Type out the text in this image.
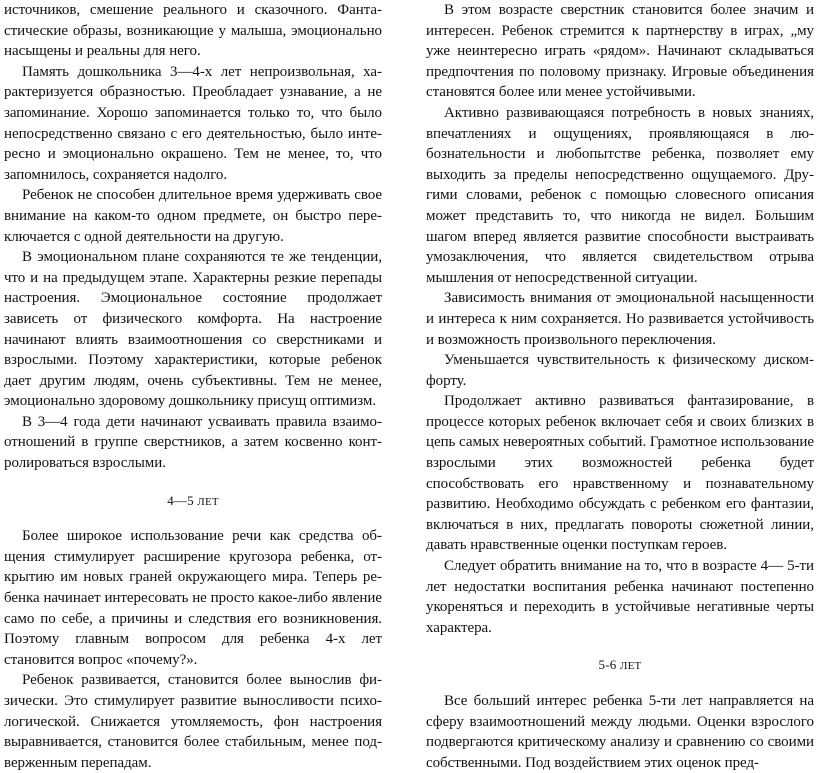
источников, смешение реального и сказочного. Фантастические образы, возникающие у малыша, эмоционально насыщены и реальны для него.

Память дошкольника 3—4-х лет непроизвольная, характеризуется образностью. Преобладает узнавание, а не запоминание. Хорошо запоминается только то, что было непосредственно связано с его деятельностью, было интересно и эмоционально окрашено. Тем не менее, то, что запомнилось, сохраняется надолго.

Ребенок не способен длительное время удерживать свое внимание на каком-то одном предмете, он быстро переключается с одной деятельности на другую.

В эмоциональном плане сохраняются те же тенденции, что и на предыдущем этапе. Характерны резкие перепады настроения. Эмоциональное состояние продолжает зависеть от физического комфорта. На настроение начинают влиять взаимоотношения со сверстниками и взрослыми. Поэтому характеристики, которые ребенок дает другим людям, очень субъективны. Тем не менее, эмоционально здоровому дошкольнику присущ оптимизм.

В 3—4 года дети начинают усваивать правила взаимоотношений в группе сверстников, а затем косвенно контролироваться взрослыми.

4—5 ЛЕТ

Более широкое использование речи как средства общения стимулирует расширение кругозора ребенка, открытию им новых граней окружающего мира. Теперь ребенка начинает интересовать не просто какое-либо явление само по себе, а причины и следствия его возникновения. Поэтому главным вопросом для ребенка 4-х лет становится вопрос «почему?».

Ребенок развивается, становится более вынослив физически. Это стимулирует развитие выносливости психологической. Снижается утомляемость, фон настроения выравнивается, становится более стабильным, менее подверженным перепадам.

В этом возрасте сверстник становится более значим и интересен. Ребенок стремится к партнерству в играх, „му уже неинтересно играть «рядом». Начинают складываться предпочтения по половому признаку. Игровые объединения становятся более или менее устойчивыми.

Активно развивающаяся потребность в новых знаниях, впечатлениях и ощущениях, проявляющаяся в любознательности и любопытстве ребенка, позволяет ему выходить за пределы непосредственно ощущаемого. Другими словами, ребенок с помощью словесного описания может представить то, что никогда не видел. Большим шагом вперед является развитие способности выстраивать умозаключения, что является свидетельством отрыва мышления от непосредственной ситуации.

Зависимость внимания от эмоциональной насыщенности и интереса к ним сохраняется. Но развивается устойчивость и возможность произвольного переключения.

Уменьшается чувствительность к физическому дискомфорту.

Продолжает активно развиваться фантазирование, в процессе которых ребенок включает себя и своих близких в цепь самых невероятных событий. Грамотное использование взрослыми этих возможностей ребенка будет способствовать его нравственному и познавательному развитию. Необходимо обсуждать с ребенком его фантазии, включаться в них, предлагать повороты сюжетной линии, давать нравственные оценки поступкам героев.

Следует обратить внимание на то, что в возрасте 4— 5-ти лет недостатки воспитания ребенка начинают постепенно укореняться и переходить в устойчивые негативные черты характера.

5-6 ЛЕТ

Все больший интерес ребенка 5-ти лет направляется на сферу взаимоотношений между людьми. Оценки взрослого подвергаются критическому анализу и сравнению со своими собственными. Под воздействием этих оценок пред-
